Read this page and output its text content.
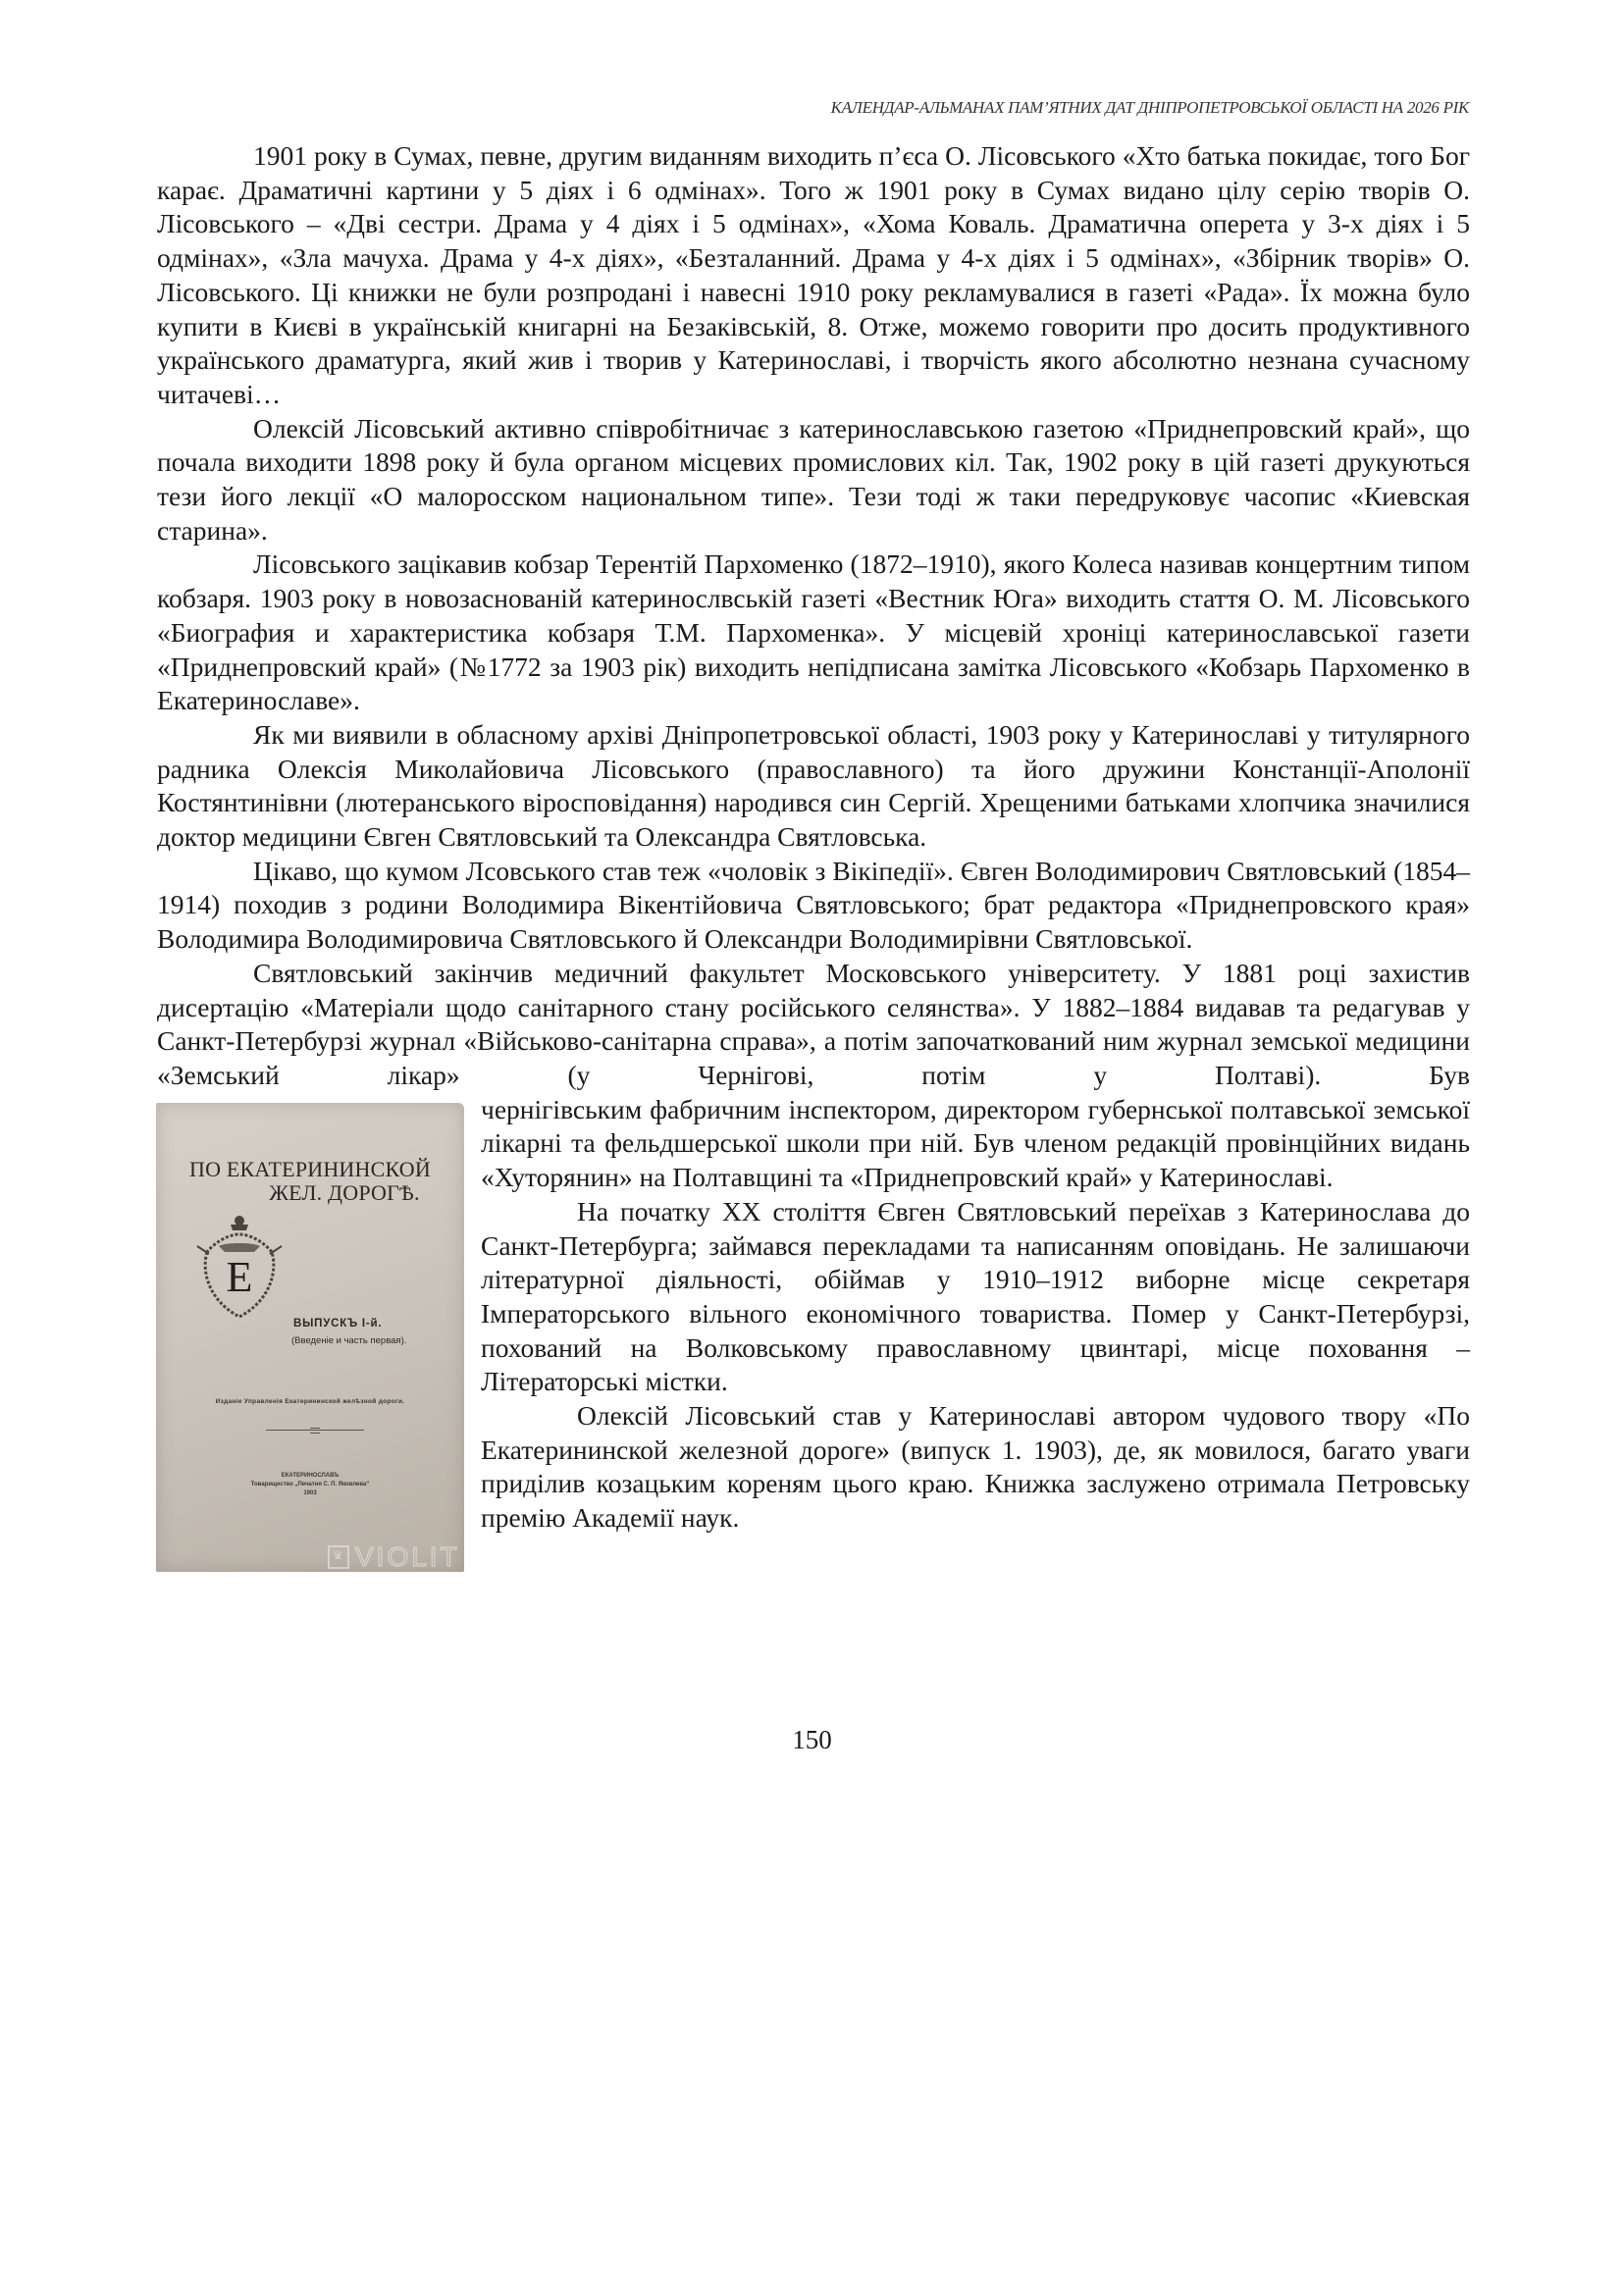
КАЛЕНДАР-АЛЬМАНАХ ПАМ’ЯТНИХ ДАТ ДНІПРОПЕТРОВСЬКОЇ ОБЛАСТІ НА 2026 РІК

1901 року в Сумах, певне, другим виданням виходить п’єса О. Лісовського «Хто батька покидає, того Бог карає. Драматичні картини у 5 діях і 6 одмінах». Того ж 1901 року в Сумах видано цілу серію творів О. Лісовського – «Дві сестри. Драма у 4 діях і 5 одмінах», «Хома Коваль. Драматична оперета у 3-х діях і 5 одмінах», «Зла мачуха. Драма у 4-х діях», «Безталанний. Драма у 4-х діях і 5 одмінах», «Збірник творів» О. Лісовського. Ці книжки не були розпродані і навесні 1910 року рекламувалися в газеті «Рада». Їх можна було купити в Києві в українській книгарні на Безаківській, 8. Отже, можемо говорити про досить продуктивного українського драматурга, який жив і творив у Катеринославі, і творчість якого абсолютно незнана сучасному читачеві…

Олексій Лісовський активно співробітничає з катеринославською газетою «Приднепровский край», що почала виходити 1898 року й була органом місцевих промислових кіл. Так, 1902 року в цій газеті друкуються тези його лекції «О малоросском национальном типе». Тези тоді ж таки передруковує часопис «Киевская старина».

Лісовського зацікавив кобзар Терентій Пархоменко (1872–1910), якого Колеса називав концертним типом кобзаря. 1903 року в новозаснованій катеринослвській газеті «Вестник Юга» виходить стаття О. М. Лісовського «Биография и характеристика кобзаря Т.М. Пархоменка». У місцевій хроніці катеринославської газети «Приднепровский край» (№1772 за 1903 рік) виходить непідписана замітка Лісовського «Кобзарь Пархоменко в Екатеринославе».

Як ми виявили в обласному архіві Дніпропетровської області, 1903 року у Катеринославі у титулярного радника Олексія Миколайовича Лісовського (православного) та його дружини Констанції-Аполонії Костянтинівни (лютеранського віросповідання) народився син Сергій. Хрещеними батьками хлопчика значилися доктор медицини Євген Святловський та Олександра Святловська.

Цікаво, що кумом Лсовського став теж «чоловік з Вікіпедії». Євген Володимирович Святловський (1854–1914) походив з родини Володимира Вікентійовича Святловського; брат редактора «Приднепровского края» Володимира Володимировича Святловського й Олександри Володимирівни Святловської.

Святловський закінчив медичний факультет Московського університету. У 1881 році захистив дисертацію «Матеріали щодо санітарного стану російського селянства». У 1882–1884 видавав та редагував у Санкт-Петербурзі журнал «Військово-санітарна справа», а потім започаткований ним журнал земської медицини «Земський лікар» (у Чернігові, потім у Полтаві). Був

чернігівським фабричним інспектором, директором губернської полтавської земської лікарні та фельдшерської школи при ній. Був членом редакцій провінційних видань «Хуторянин» на Полтавщині та «Приднепровский край» у Катеринославі.

ПО ЕКАТЕРИНИНСКОЙ
ЖЕЛ. ДОРОГѢ.
Е
ВЫПУСКЪ I-й.
(Введеніе и часть первая).
Изданіе Управленія Екатерининской желѣзной дороги.
ЕКАТЕРИНОСЛАВЪ
Товарищество „Печатня С. П. Яковлева“
1903
♛
VIOLIT

На початку XX століття Євген Святловський переїхав з Катеринослава до Санкт-Петербурга; займався перекладами та написанням оповідань. Не залишаючи літературної діяльності, обіймав у 1910–1912 виборне місце секретаря Імператорського вільного економічного товариства. Помер у Санкт-Петербурзі, похований на Волковському православному цвинтарі, місце поховання – Літераторські містки.

Олексій Лісовський став у Катеринославі автором чудового твору «По Екатерининской железной дороге» (випуск 1. 1903), де, як мовилося, багато уваги приділив козацьким кореням цього краю. Книжка заслужено отримала Петровську премію Академії наук.

150
